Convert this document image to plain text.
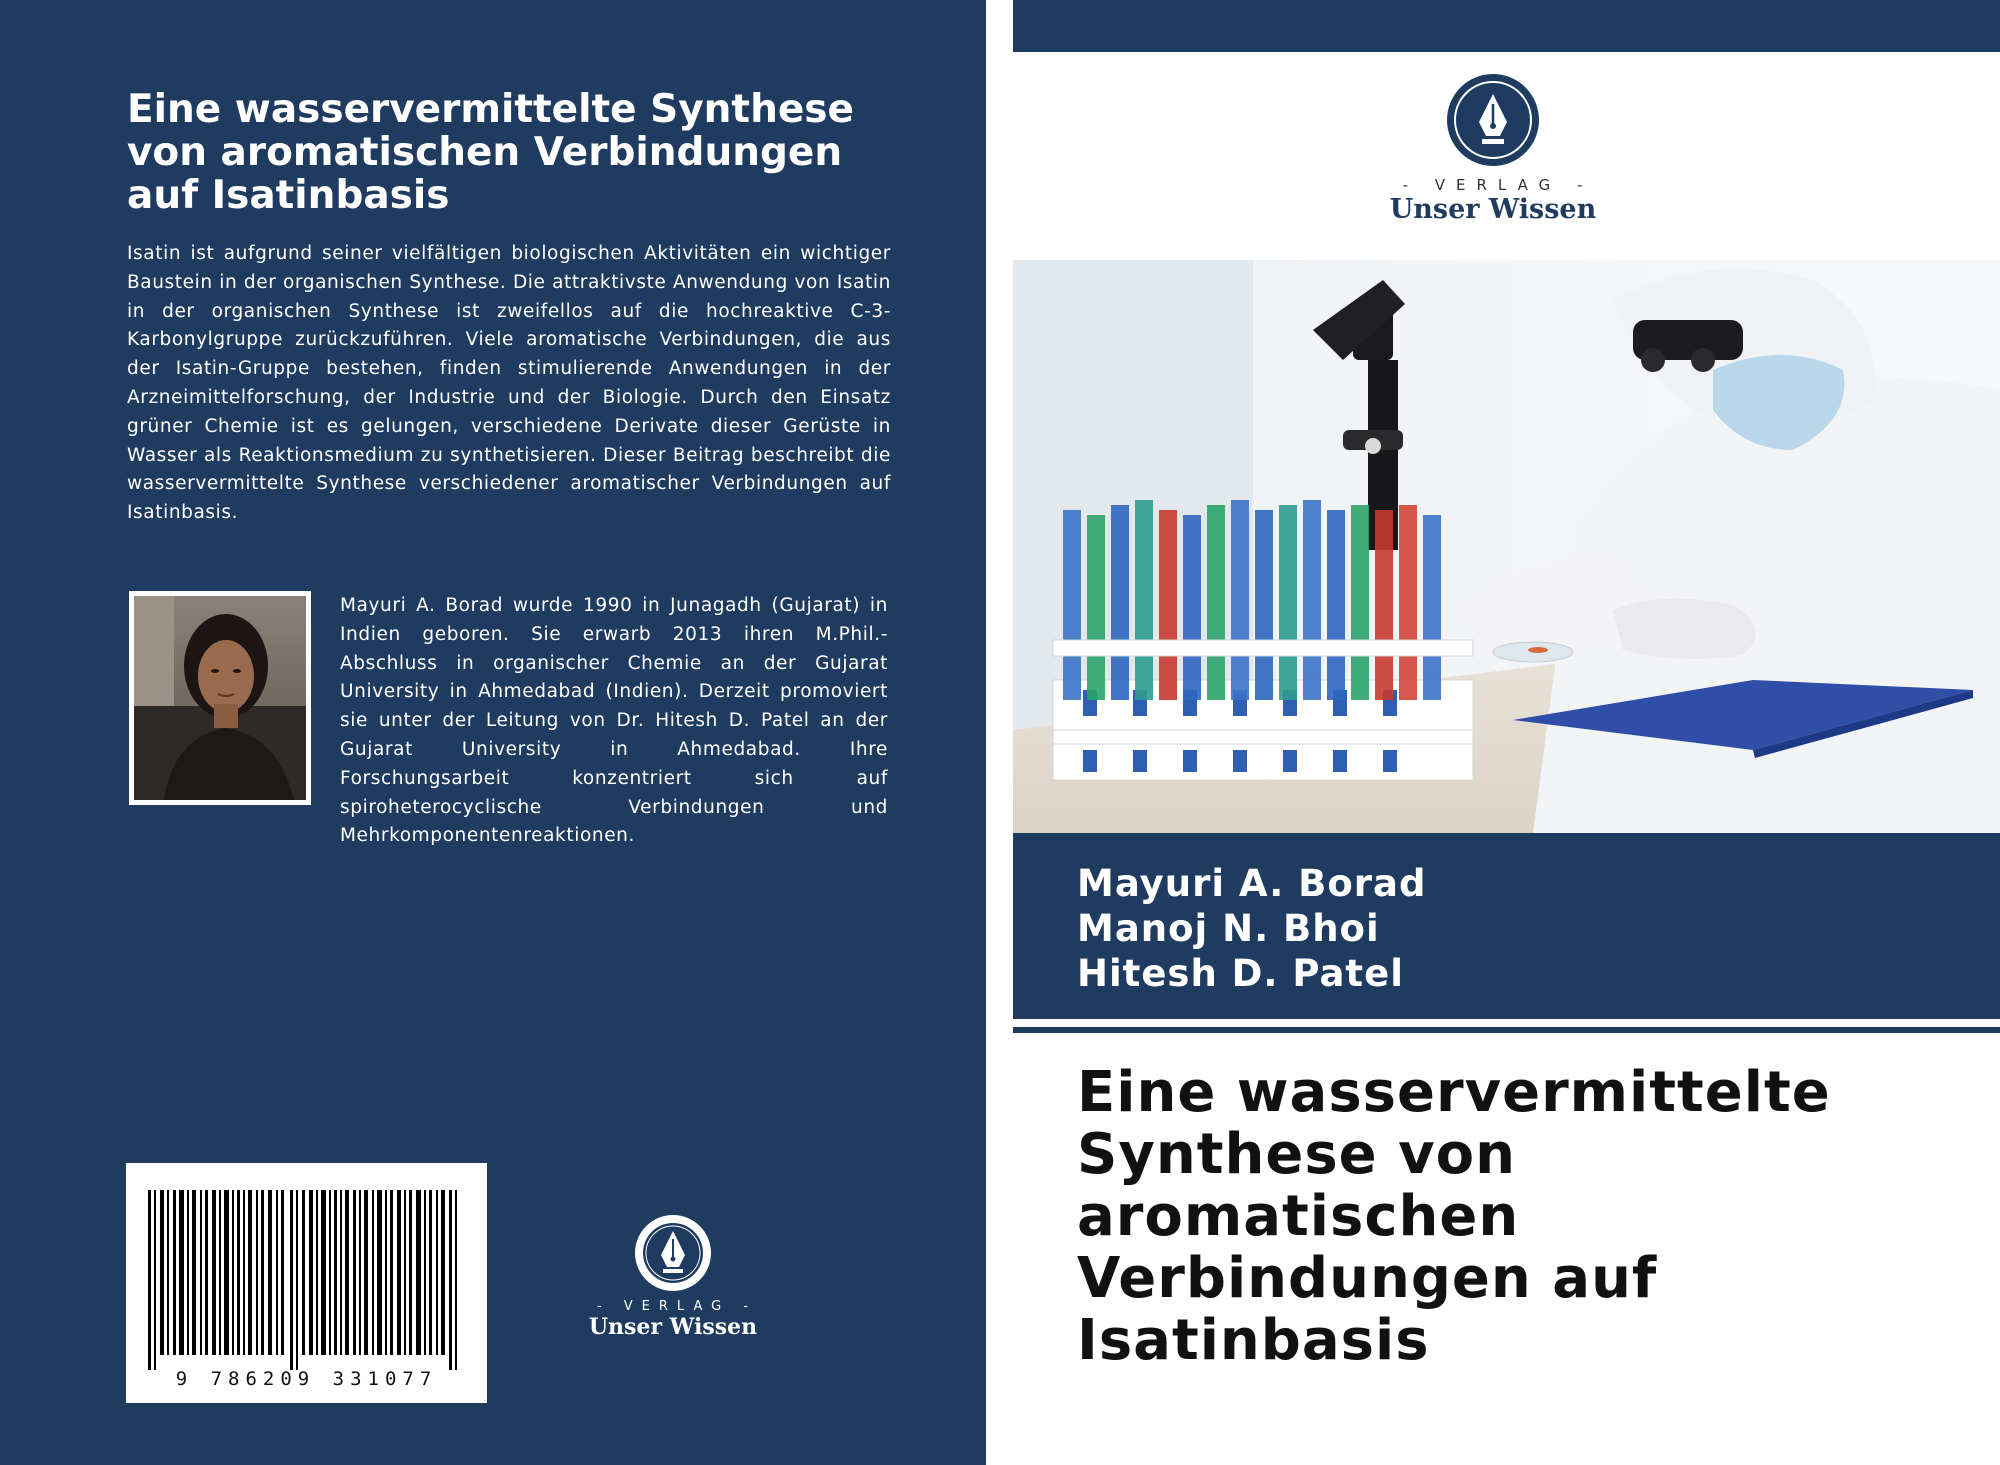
Eine wasservermittelte Synthese von aromatischen Verbindungen auf Isatinbasis

Isatin ist aufgrund seiner vielfältigen biologischen Aktivitäten ein wichtiger Baustein in der organischen Synthese. Die attraktivste Anwendung von Isatin in der organischen Synthese ist zweifellos auf die hochreaktive C-3-Karbonylgruppe zurückzuführen. Viele aromatische Verbindungen, die aus der Isatin-Gruppe bestehen, finden stimulierende Anwendungen in der Arzneimittelforschung, der Industrie und der Biologie. Durch den Einsatz grüner Chemie ist es gelungen, verschiedene Derivate dieser Gerüste in Wasser als Reaktionsmedium zu synthetisieren. Dieser Beitrag beschreibt die wasservermittelte Synthese verschiedener aromatischer Verbindungen auf Isatinbasis.

Mayuri A. Borad wurde 1990 in Junagadh (Gujarat) in Indien geboren. Sie erwarb 2013 ihren M.Phil.-Abschluss in organischer Chemie an der Gujarat University in Ahmedabad (Indien). Derzeit promoviert sie unter der Leitung von Dr. Hitesh D. Patel an der Gujarat University in Ahmedabad. Ihre Forschungsarbeit konzentriert sich auf spiroheterocyclische Verbindungen und Mehrkomponentenreaktionen.

9 786209 331077
- VERLAG -
Unser Wissen
- VERLAG -
Unser Wissen
Mayuri A. Borad
Manoj N. Bhoi
Hitesh D. Patel
Eine wasservermittelte Synthese von aromatischen Verbindungen auf Isatinbasis
